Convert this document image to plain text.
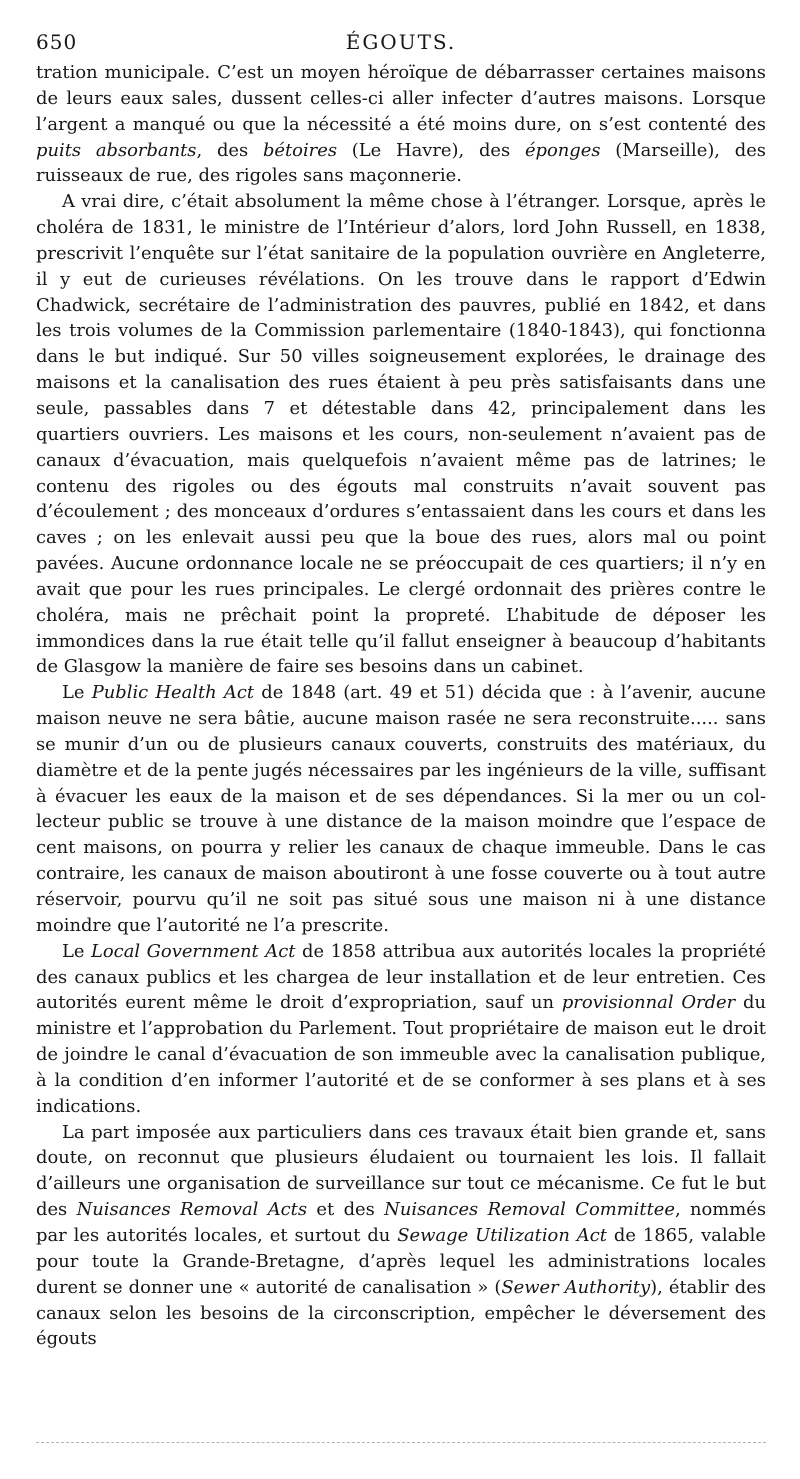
650	ÉGOUTS.

tration municipale. C’est un moyen héroïque de débarrasser certaines maisons de leurs eaux sales, dussent celles-ci aller infecter d’autres maisons. Lorsque l’argent a manqué ou que la nécessité a été moins dure, on s’est contenté des puits absorbants, des bétoires (Le Havre), des éponges (Marseille), des ruisseaux de rue, des rigoles sans maçonnerie.

A vrai dire, c’était absolument la même chose à l’étranger. Lorsque, après le choléra de 1831, le ministre de l’Intérieur d’alors, lord John Russell, en 1838, prescrivit l’enquête sur l’état sanitaire de la population ouvrière en Angleterre, il y eut de curieuses révélations. On les trouve dans le rapport d’Edwin Chadwick, secrétaire de l’administration des pauvres, publié en 1842, et dans les trois volumes de la Commission parlementaire (1840-1843), qui fonctionna dans le but indiqué. Sur 50 villes soigneusement explorées, le drainage des maisons et la canalisation des rues étaient à peu près satisfaisants dans une seule, passables dans 7 et détestable dans 42, principalement dans les quartiers ouvriers. Les maisons et les cours, non-seulement n’avaient pas de canaux d’évacuation, mais quelquefois n’avaient même pas de latrines; le contenu des rigoles ou des égouts mal construits n’avait souvent pas d’écoulement ; des monceaux d’ordures s’entassaient dans les cours et dans les caves ; on les enlevait aussi peu que la boue des rues, alors mal ou point pavées. Aucune ordonnance locale ne se préoccupait de ces quartiers; il n’y en avait que pour les rues principales. Le clergé ordonnait des prières contre le choléra, mais ne prêchait point la propreté. L’habitude de déposer les immondices dans la rue était telle qu’il fallut enseigner à beaucoup d’habitants de Glasgow la manière de faire ses besoins dans un cabinet.

Le Public Health Act de 1848 (art. 49 et 51) décida que : à l’avenir, aucune maison neuve ne sera bâtie, aucune maison rasée ne sera reconstruite..... sans se munir d’un ou de plusieurs canaux couverts, construits des matériaux, du diamètre et de la pente jugés nécessaires par les ingénieurs de la ville, suffisant à évacuer les eaux de la maison et de ses dépendances. Si la mer ou un collecteur public se trouve à une distance de la maison moindre que l’espace de cent maisons, on pourra y relier les canaux de chaque immeuble. Dans le cas contraire, les canaux de maison aboutiront à une fosse couverte ou à tout autre réservoir, pourvu qu’il ne soit pas situé sous une maison ni à une distance moindre que l’autorité ne l’a prescrite.

Le Local Government Act de 1858 attribua aux autorités locales la propriété des canaux publics et les chargea de leur installation et de leur entretien. Ces autorités eurent même le droit d’expropriation, sauf un provisionnal Order du ministre et l’approbation du Parlement. Tout propriétaire de maison eut le droit de joindre le canal d’évacuation de son immeuble avec la canalisation publique, à la condition d’en informer l’autorité et de se conformer à ses plans et à ses indications.

La part imposée aux particuliers dans ces travaux était bien grande et, sans doute, on reconnut que plusieurs éludaient ou tournaient les lois. Il fallait d’ailleurs une organisation de surveillance sur tout ce mécanisme. Ce fut le but des Nuisances Removal Acts et des Nuisances Removal Committee, nommés par les autorités locales, et surtout du Sewage Utilization Act de 1865, valable pour toute la Grande-Bretagne, d’après lequel les administrations locales durent se donner une « autorité de canalisation » (Sewer Authority), établir des canaux selon les besoins de la circonscription, empêcher le déversement des égouts
